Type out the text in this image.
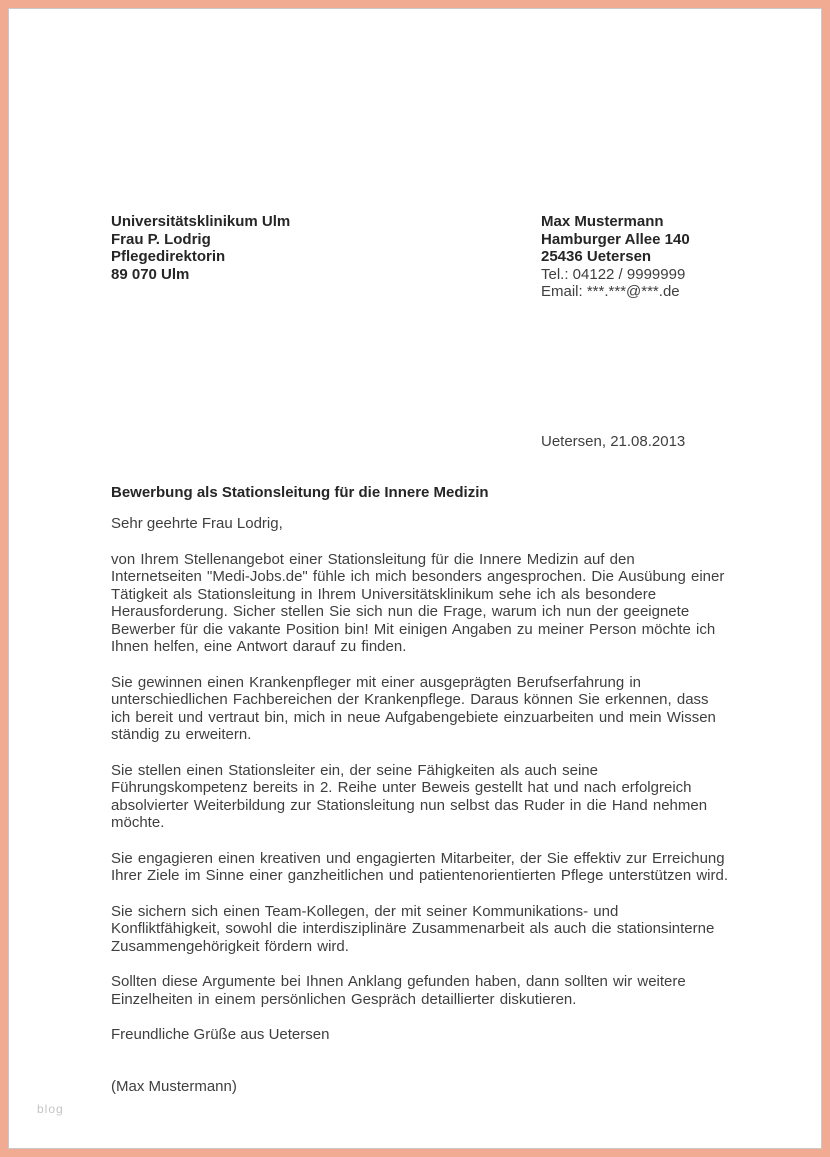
Universitätsklinikum Ulm
Frau P. Lodrig
Pflegedirektorin
89 070 Ulm
Max Mustermann
Hamburger Allee 140
25436 Uetersen
Tel.: 04122 / 9999999
Email: ***.***@***.de
Uetersen, 21.08.2013
Bewerbung als Stationsleitung für die Innere Medizin
Sehr geehrte Frau Lodrig,

von Ihrem Stellenangebot einer Stationsleitung für die Innere Medizin auf den Internetseiten "Medi-Jobs.de" fühle ich mich besonders angesprochen. Die Ausübung einer Tätigkeit als Stationsleitung in Ihrem Universitätsklinikum sehe ich als besondere Herausforderung. Sicher stellen Sie sich nun die Frage, warum ich nun der geeignete Bewerber für die vakante Position bin! Mit einigen Angaben zu meiner Person möchte ich Ihnen helfen, eine Antwort darauf zu finden.

Sie gewinnen einen Krankenpfleger mit einer ausgeprägten Berufserfahrung in unterschiedlichen Fachbereichen der Krankenpflege. Daraus können Sie erkennen, dass ich bereit und vertraut bin, mich in neue Aufgabengebiete einzuarbeiten und mein Wissen ständig zu erweitern.

Sie stellen einen Stationsleiter ein, der seine Fähigkeiten als auch seine Führungskompetenz bereits in 2. Reihe unter Beweis gestellt hat und nach erfolgreich absolvierter Weiterbildung zur Stationsleitung nun selbst das Ruder in die Hand nehmen möchte.

Sie engagieren einen kreativen und engagierten Mitarbeiter, der Sie effektiv zur Erreichung Ihrer Ziele im Sinne einer ganzheitlichen und patientenorientierten Pflege unterstützen wird.

Sie sichern sich einen Team-Kollegen, der mit seiner Kommunikations- und Konfliktfähigkeit, sowohl die interdisziplinäre Zusammenarbeit als auch die stationsinterne Zusammengehörigkeit fördern wird.

Sollten diese Argumente bei Ihnen Anklang gefunden haben, dann sollten wir weitere Einzelheiten in einem persönlichen Gespräch detaillierter diskutieren.

Freundliche Grüße aus Uetersen
(Max Mustermann)
blog
